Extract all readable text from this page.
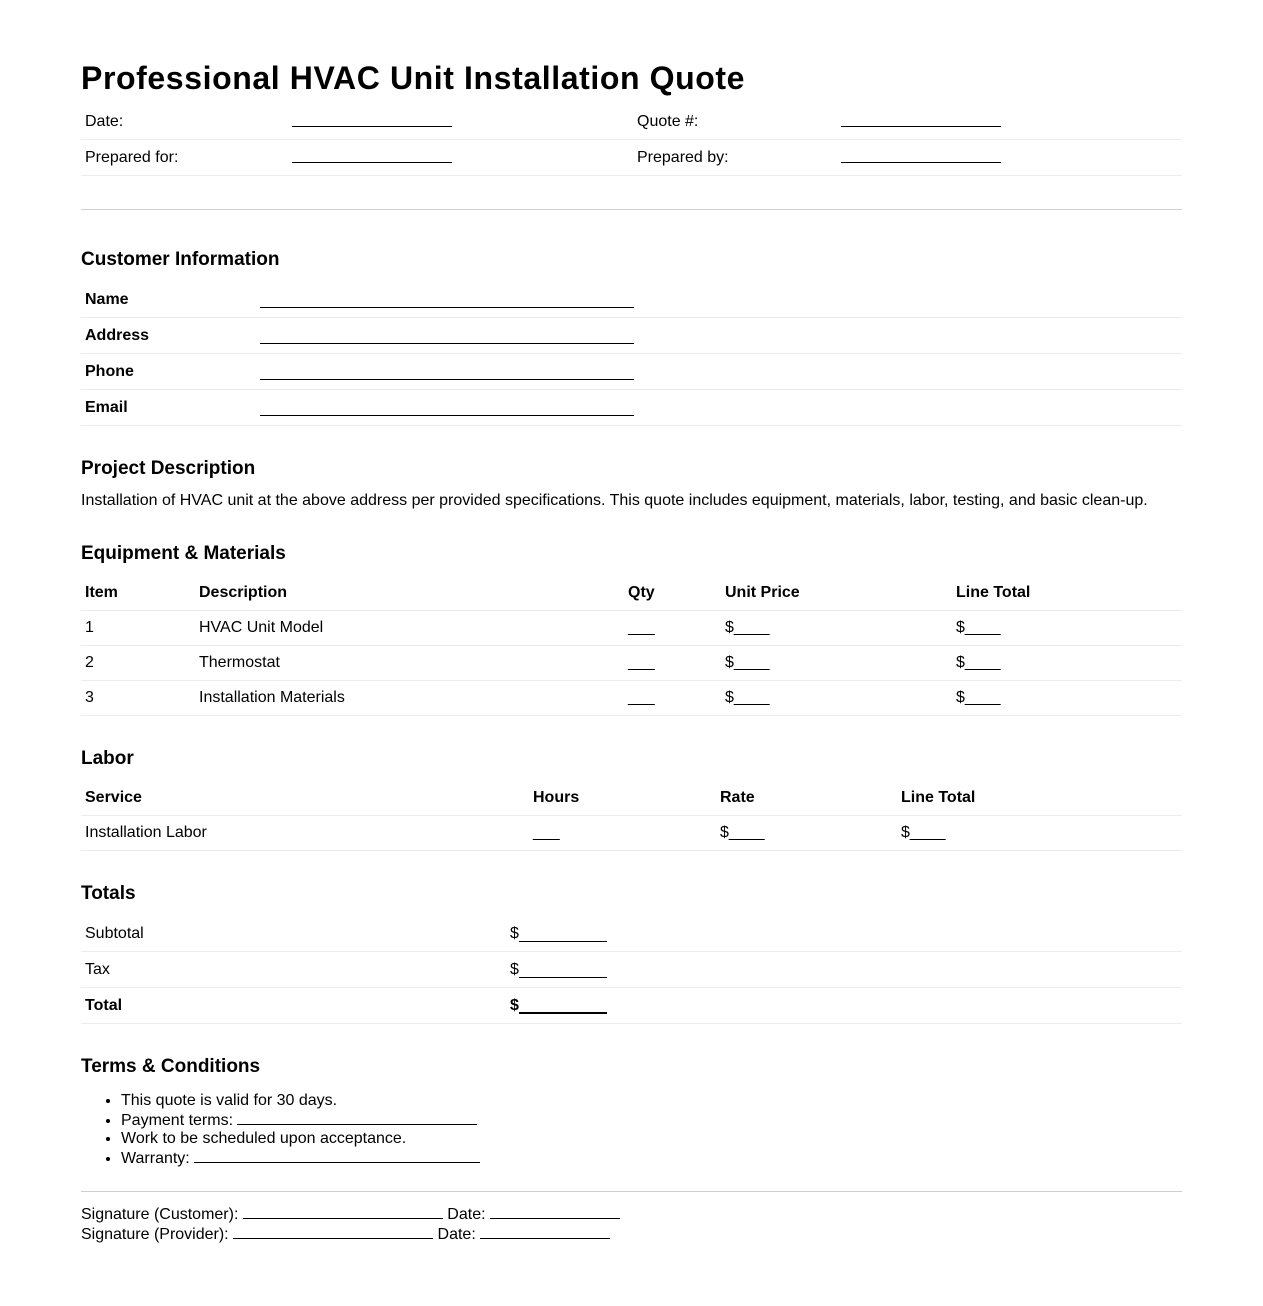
Professional HVAC Unit Installation Quote
Date:	Quote #:
Prepared for:	Prepared by:
Customer Information
Name
Address
Phone
Email
Project Description

Installation of HVAC unit at the above address per provided specifications. This quote includes equipment, materials, labor, testing, and basic clean-up.

Equipment & Materials
Item	Description	Qty	Unit Price	Line Total
1	HVAC Unit Model	___	$____	$____
2	Thermostat	___	$____	$____
3	Installation Materials	___	$____	$____
Labor
Service	Hours	Rate	Line Total
Installation Labor	___	$____	$____
Totals
Subtotal	$
Tax	$
Total	$
Terms & Conditions
• This quote is valid for 30 days.
• Payment terms:
• Work to be scheduled upon acceptance.
• Warranty:
Signature (Customer):	Date:
Signature (Provider):	Date:
